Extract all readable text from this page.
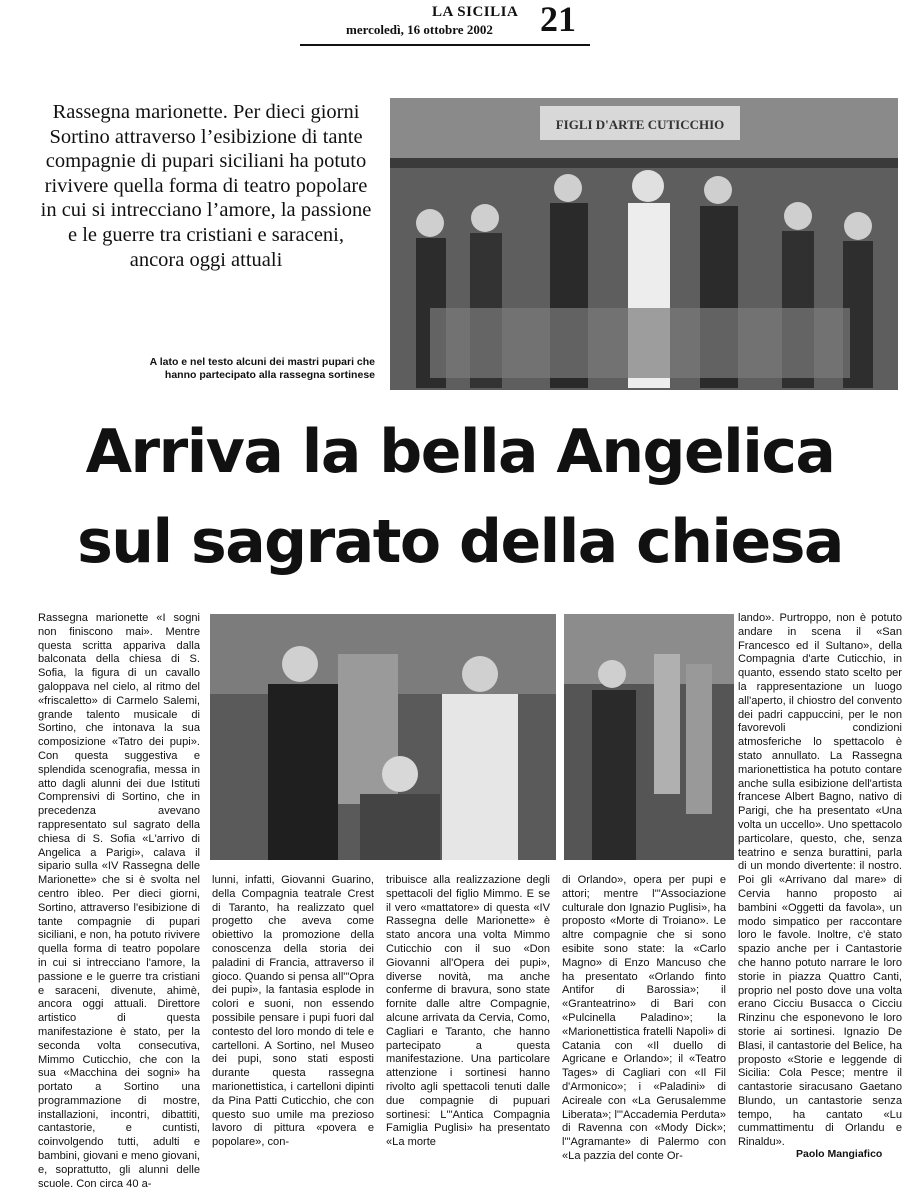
LA SICILIA
mercoledì, 16 ottobre 2002 21
Rassegna marionette. Per dieci giorni Sortino attraverso l’esibizione di tante compagnie di pupari siciliani ha potuto rivivere quella forma di teatro popolare in cui si intrecciano l’amore, la passione e le guerre tra cristiani e saraceni, ancora oggi attuali
FIGLI D'ARTE CUTICCHIO
A lato e nel testo alcuni dei mastri pupari che hanno partecipato alla rassegna sortinese
Arriva la bella Angelica
sul sagrato della chiesa
Rassegna marionette «I sogni non finiscono mai». Mentre questa scritta appariva dalla balconata della chiesa di S. Sofia, la figura di un cavallo galoppava nel cielo, al ritmo del «friscaletto» di Carmelo Salemi, grande talento musicale di Sortino, che intonava la sua composizione «Tatro dei pupi». Con questa suggestiva e splendida scenografia, messa in atto dagli alunni dei due Istituti Comprensivi di Sortino, che in precedenza avevano rappresentato sul sagrato della chiesa di S. Sofia «L'arrivo di Angelica a Parigi», calava il sipario sulla «IV Rassegna delle Marionette» che si è svolta nel centro ibleo. Per dieci giorni, Sortino, attraverso l'esibizione di tante compagnie di pupari siciliani, e non, ha potuto rivivere quella forma di teatro popolare in cui si intrecciano l'amore, la passione e le guerre tra cristiani e saraceni, divenute, ahimè, ancora oggi attuali. Direttore artistico di questa manifestazione è stato, per la seconda volta consecutiva, Mimmo Cuticchio, che con la sua «Macchina dei sogni» ha portato a Sortino una programmazione di mostre, installazioni, incontri, dibattiti, cantastorie, e cuntisti, coinvolgendo tutti, adulti e bambini, giovani e meno giovani, e, soprattutto, gli alunni delle scuole. Con circa 40 a-
lunni, infatti, Giovanni Guarino, della Compagnia teatrale Crest di Taranto, ha realizzato quel progetto che aveva come obiettivo la promozione della conoscenza della storia dei paladini di Francia, attraverso il gioco. Quando si pensa all'"Opra dei pupi», la fantasia esplode in colori e suoni, non essendo possibile pensare i pupi fuori dal contesto del loro mondo di tele e cartelloni. A Sortino, nel Museo dei pupi, sono stati esposti durante questa rassegna marionettistica, i cartelloni dipinti da Pina Patti Cuticchio, che con questo suo umile ma prezioso lavoro di pittura «povera e popolare», con-
tribuisce alla realizzazione degli spettacoli del figlio Mimmo. E se il vero «mattatore» di questa «IV Rassegna delle Marionette» è stato ancora una volta Mimmo Cuticchio con il suo «Don Giovanni all'Opera dei pupi», diverse novità, ma anche conferme di bravura, sono state fornite dalle altre Compagnie, alcune arrivata da Cervia, Como, Cagliari e Taranto, che hanno partecipato a questa manifestazione. Una particolare attenzione i sortinesi hanno rivolto agli spettacoli tenuti dalle due compagnie di pupuari sortinesi: L'"Antica Compagnia Famiglia Puglisi» ha presentato «La morte
di Orlando», opera per pupi e attori; mentre l'"Associazione culturale don Ignazio Puglisi», ha proposto «Morte di Troiano». Le altre compagnie che si sono esibite sono state: la «Carlo Magno» di Enzo Mancuso che ha presentato «Orlando finto Antifor di Barossia»; il «Granteatrino» di Bari con «Pulcinella Paladino»; la «Marionettistica fratelli Napoli» di Catania con «Il duello di Agricane e Orlando»; il «Teatro Tages» di Cagliari con «Il Fil d'Armonico»; i «Paladini» di Acireale con «La Gerusalemme Liberata»; l'"Accademia Perduta» di Ravenna con «Mody Dick»; l'"Agramante» di Palermo con «La pazzia del conte Or-
lando». Purtroppo, non è potuto andare in scena il «San Francesco ed il Sultano», della Compagnia d'arte Cuticchio, in quanto, essendo stato scelto per la rappresentazione un luogo all'aperto, il chiostro del convento dei padri cappuccini, per le non favorevoli condizioni atmosferiche lo spettacolo è stato annullato. La Rassegna marionettistica ha potuto contare anche sulla esibizione dell'artista francese Albert Bagno, nativo di Parigi, che ha presentato «Una volta un uccello». Uno spettacolo particolare, questo, che, senza teatrino e senza burattini, parla di un mondo divertente: il nostro. Poi gli «Arrivano dal mare» di Cervia hanno proposto ai bambini «Oggetti da favola», un modo simpatico per raccontare loro le favole. Inoltre, c'è stato spazio anche per i Cantastorie che hanno potuto narrare le loro storie in piazza Quattro Canti, proprio nel posto dove una volta erano Cicciu Busacca o Cicciu Rinzinu che esponevono le loro storie ai sortinesi. Ignazio De Blasi, il cantastorie del Belice, ha proposto «Storie e leggende di Sicilia: Cola Pesce; mentre il cantastorie siracusano Gaetano Blundo, un cantastorie senza tempo, ha cantato «Lu cummattimentu di Orlandu e Rinaldu».
Paolo Mangiafico
